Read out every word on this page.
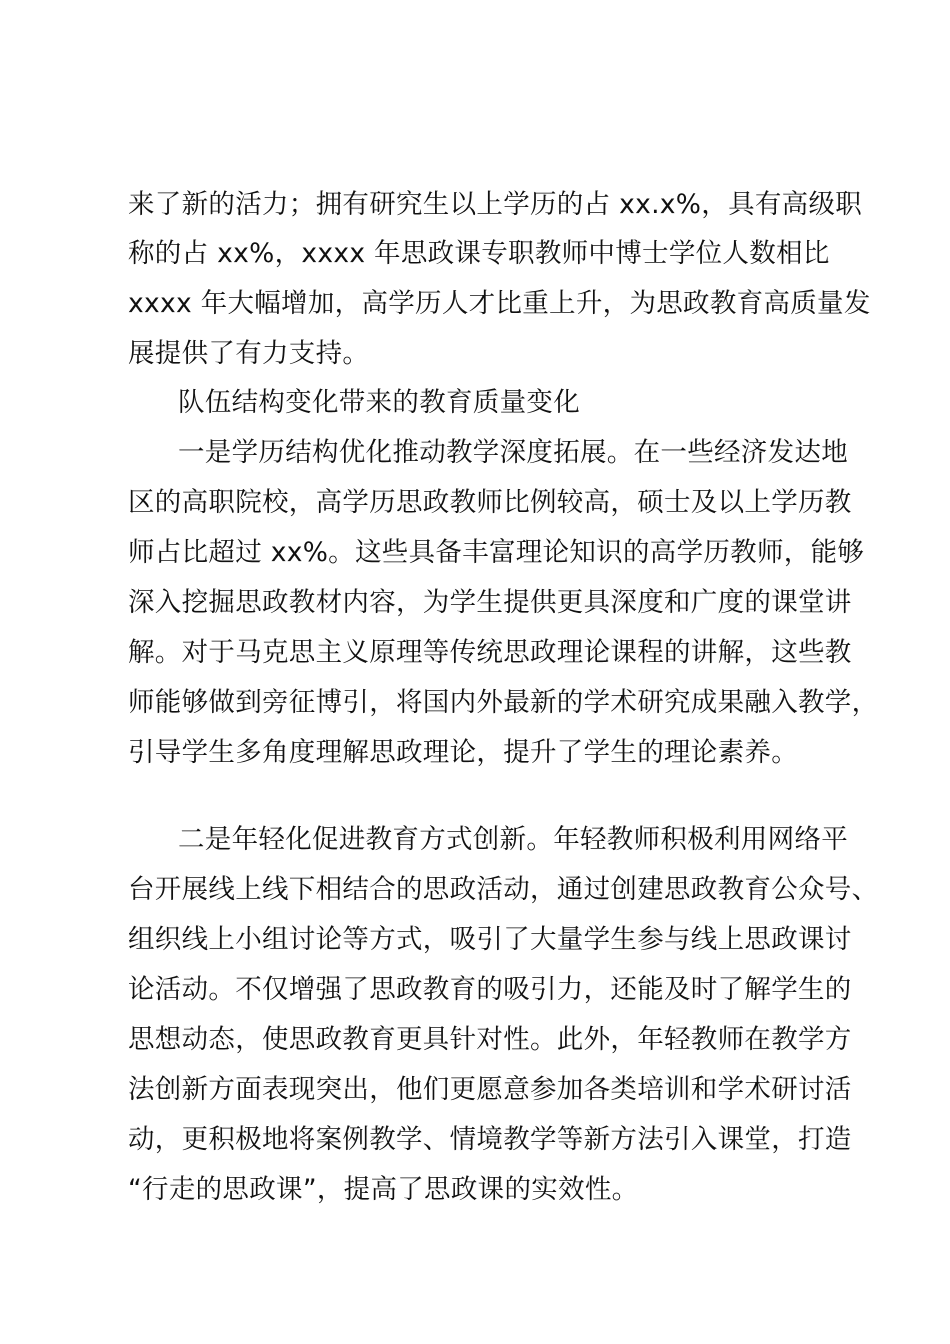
来了新的活力；拥有研究生以上学历的占 xx.x%，具有高级职
称的占 xx%，xxxx 年思政课专职教师中博士学位人数相比
xxxx 年大幅增加，高学历人才比重上升，为思政教育高质量发
展提供了有力支持。
队伍结构变化带来的教育质量变化
一是学历结构优化推动教学深度拓展。在一些经济发达地
区的高职院校，高学历思政教师比例较高，硕士及以上学历教
师占比超过 xx%。这些具备丰富理论知识的高学历教师，能够
深入挖掘思政教材内容，为学生提供更具深度和广度的课堂讲
解。对于马克思主义原理等传统思政理论课程的讲解，这些教
师能够做到旁征博引，将国内外最新的学术研究成果融入教学，
引导学生多角度理解思政理论，提升了学生的理论素养。
二是年轻化促进教育方式创新。年轻教师积极利用网络平
台开展线上线下相结合的思政活动，通过创建思政教育公众号、
组织线上小组讨论等方式，吸引了大量学生参与线上思政课讨
论活动。不仅增强了思政教育的吸引力，还能及时了解学生的
思想动态，使思政教育更具针对性。此外，年轻教师在教学方
法创新方面表现突出，他们更愿意参加各类培训和学术研讨活
动，更积极地将案例教学、情境教学等新方法引入课堂，打造
“行走的思政课”，提高了思政课的实效性。
